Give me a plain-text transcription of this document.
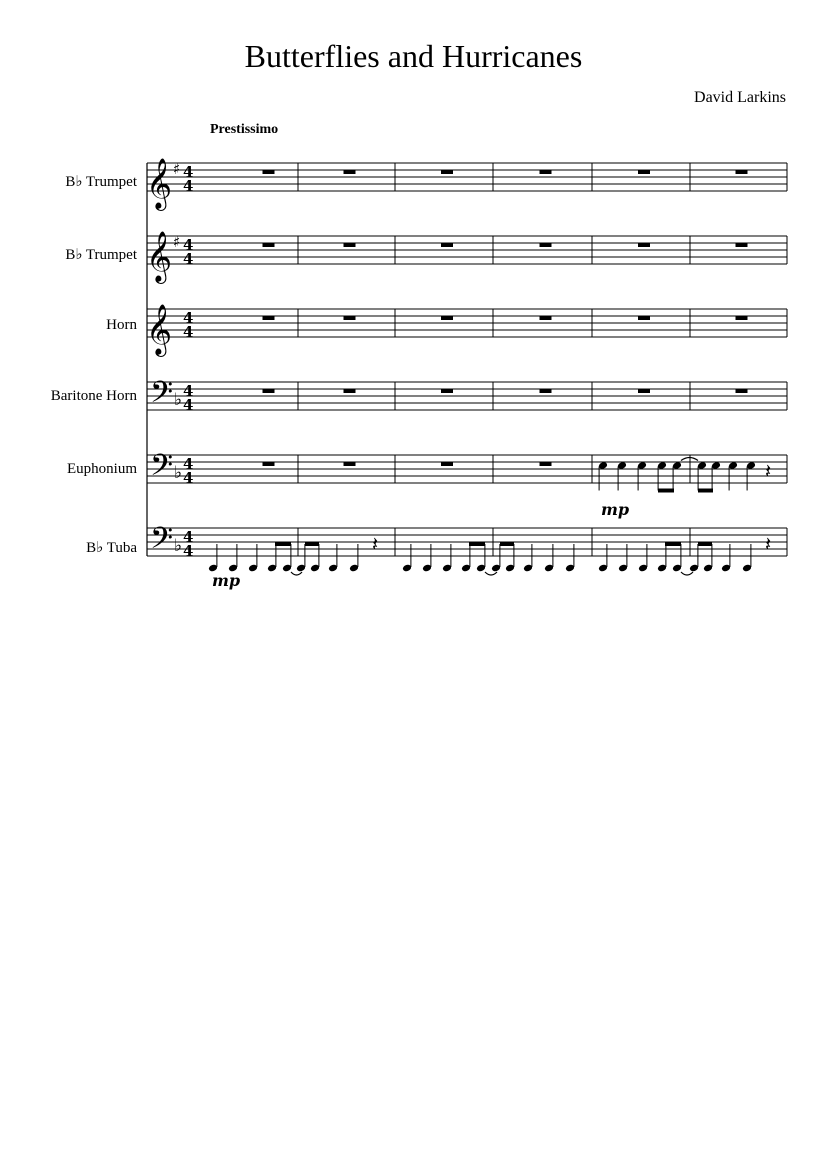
Butterflies and Hurricanes
David Larkins
Prestissimo
B♭ Trumpet
B♭ Trumpet
Horn
Baritone Horn
Euphonium
B♭ Tuba
𝄞 ♯ 4
4
𝄞 ♯ 4
4
𝄞 4
4
𝄢 ♭ 4
4
𝄢 ♭ 4
4
𝄢 ♭ 4
4
𝄽
𝄽	𝄽
mp
mp
